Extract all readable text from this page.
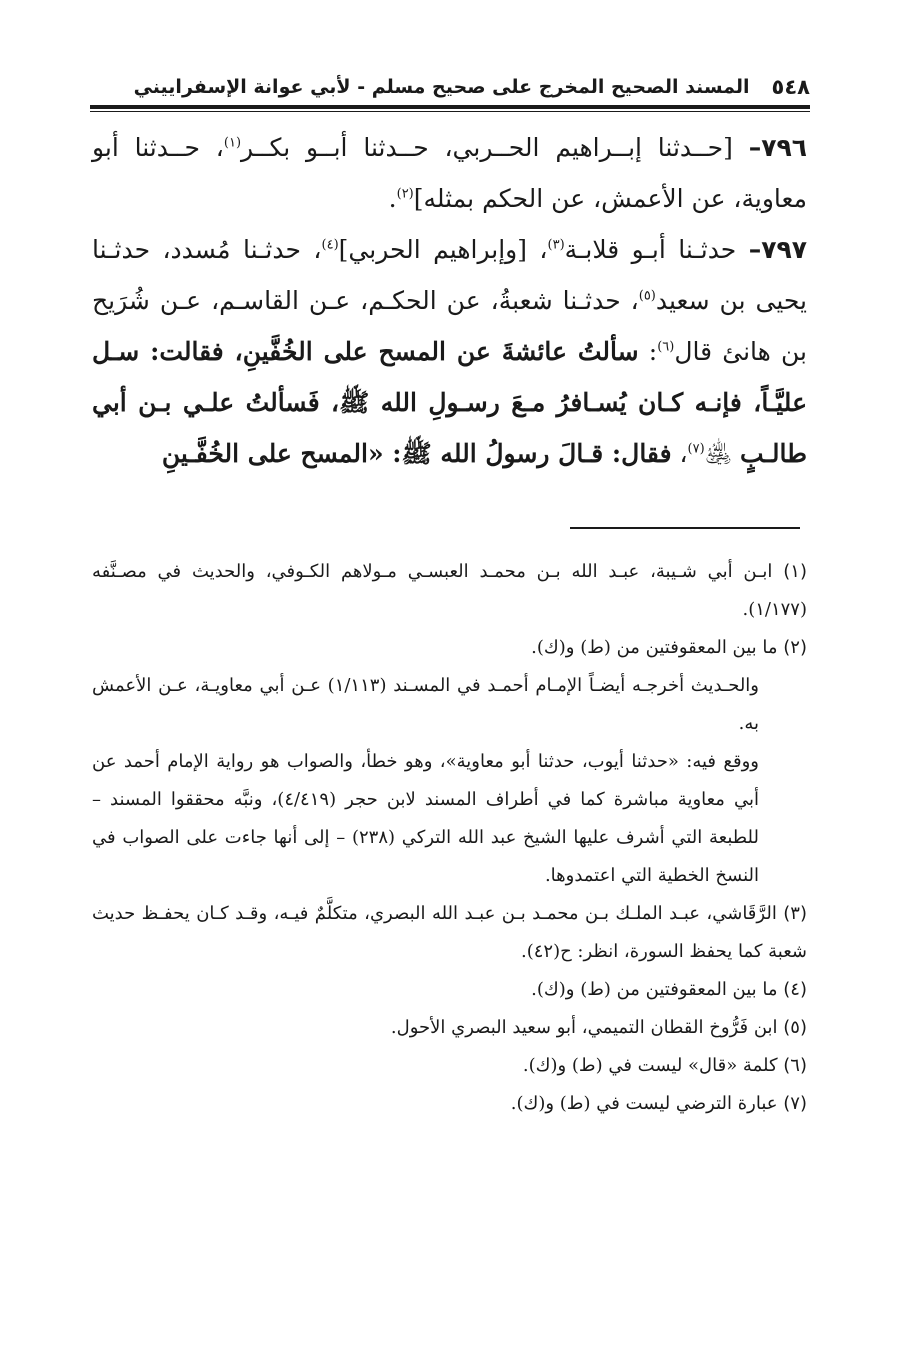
٥٤٨
المسند الصحيح المخرج على صحيح مسلم - لأبي عوانة الإسفراييني

٧٩٦– [حــدثنا إبــراهيم الحــربي، حــدثنا أبــو بكــر$^{(١)}$، حــدثنا أبو معاوية، عن الأعمش، عن الحكم بمثله]$^{(٢)}$.

٧٩٧– حدثـنا أبـو قلابـة$^{(٣)}$، [وإبراهيم الحربي]$^{(٤)}$، حدثـنا مُسدد، حدثـنا يحيى بن سعيد$^{(٥)}$، حدثـنا شعبةُ، عن الحكـم، عـن القاسـم، عـن شُرَيح بن هانئ قال$^{(٦)}$: سألتُ عائشةَ عن المسح على الخُفَّينِ، فقالت: سـل عليَّـاً، فإنـه كـان يُسـافرُ مـعَ رسـولِ الله ﷺ، فَسألتُ علـي بـن أبي طالـبٍ ﵁$^{(٧)}$، فقال: قـالَ رسولُ الله ﷺ: «المسح على الخُفَّـينِ

(١) ابـن أبي شـيبة، عبـد الله بـن محمـد العبسـي مـولاهم الكـوفي، والحديث في مصـنَّفه (١/١٧٧).

(٢) ما بين المعقوفتين من (ط) و(ك).

والحـديث أخرجـه أيضـاً الإمـام أحمـد في المسـند (١/١١٣) عـن أبي معاويـة، عـن الأعمش به.

ووقع فيه: «حدثنا أيوب، حدثنا أبو معاوية»، وهو خطأ، والصواب هو رواية الإمام أحمد عن أبي معاوية مباشرة كما في أطراف المسند لابن حجر (٤/٤١٩)، ونبَّه محققوا المسند – للطبعة التي أشرف عليها الشيخ عبد الله التركي (٢٣٨) – إلى أنها جاءت على الصواب في النسخ الخطية التي اعتمدوها.

(٣) الرَّقَاشي، عبـد الملـك بـن محمـد بـن عبـد الله البصري، متكلَّمٌ فيـه، وقـد كـان يحفـظ حديث شعبة كما يحفظ السورة، انظر: ح(٤٢).

(٤) ما بين المعقوفتين من (ط) و(ك).

(٥) ابن فَرُّوخ القطان التميمي، أبو سعيد البصري الأحول.

(٦) كلمة «قال» ليست في (ط) و(ك).

(٧) عبارة الترضي ليست في (ط) و(ك).
